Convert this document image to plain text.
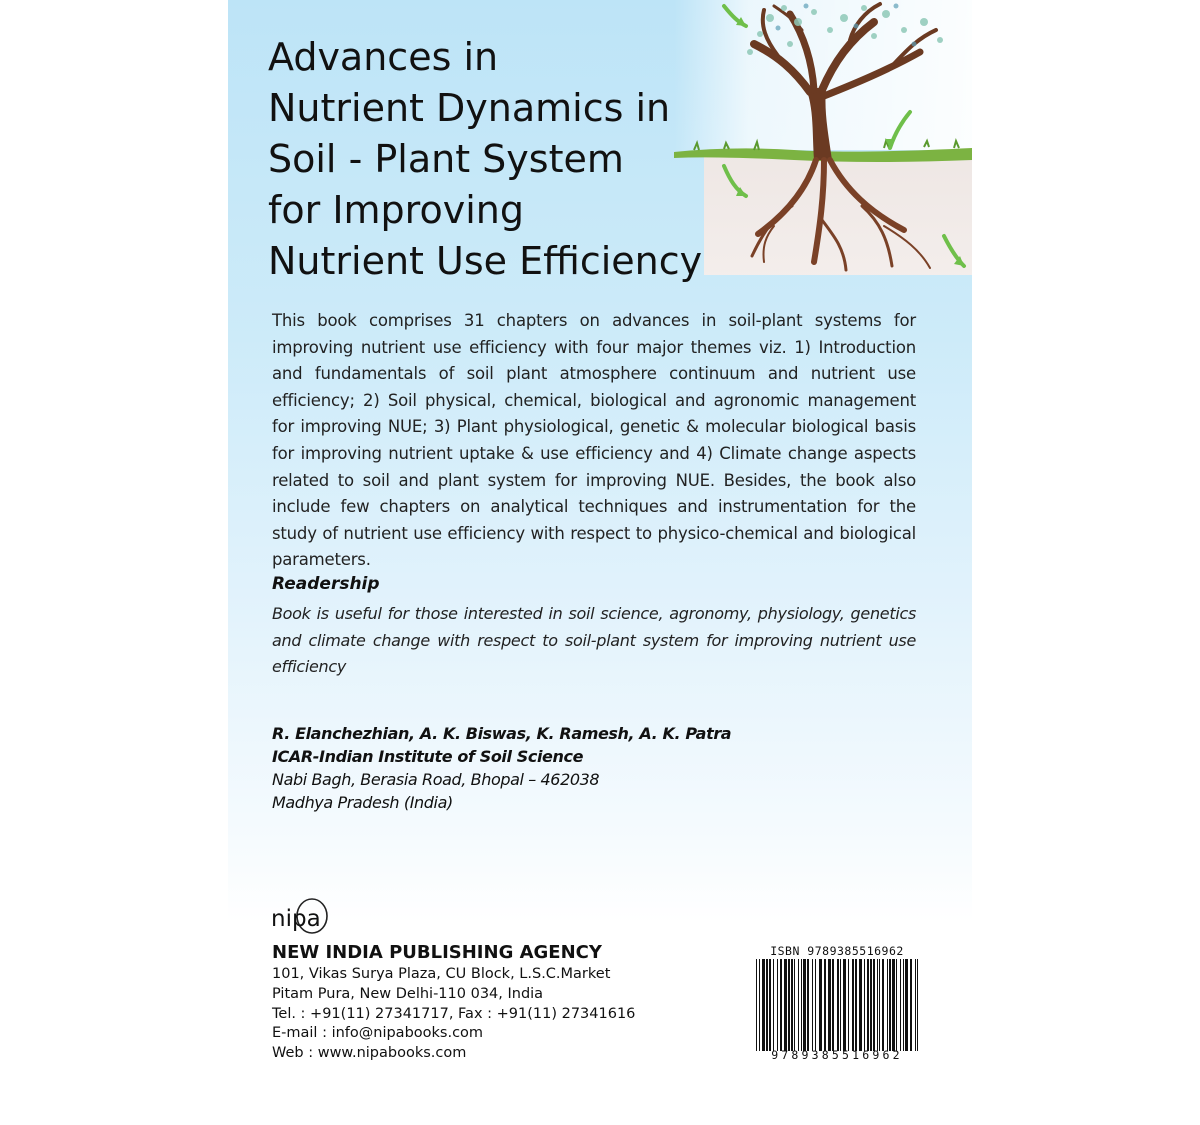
Advances in
Nutrient Dynamics in
Soil - Plant System
for Improving
Nutrient Use Efficiency

This book comprises 31 chapters on advances in soil-plant systems for improving nutrient use efficiency with four major themes viz. 1) Introduction and fundamentals of soil plant atmosphere continuum and nutrient use efficiency; 2) Soil physical, chemical, biological and agronomic management for improving NUE; 3) Plant physiological, genetic & molecular biological basis for improving nutrient uptake & use efficiency and 4) Climate change aspects related to soil and plant system for improving NUE. Besides, the book also include few chapters on analytical techniques and instrumentation for the study of nutrient use efficiency with respect to physico-chemical and biological parameters.

Readership

Book is useful for those interested in soil science, agronomy, physiology, genetics and climate change with respect to soil-plant system for improving nutrient use efficiency

R. Elanchezhian, A. K. Biswas, K. Ramesh, A. K. Patra
ICAR-Indian Institute of Soil Science
Nabi Bagh, Berasia Road, Bhopal – 462038
Madhya Pradesh (India)
nipa
NEW INDIA PUBLISHING AGENCY
101, Vikas Surya Plaza, CU Block, L.S.C.Market
Pitam Pura, New Delhi-110 034, India
Tel. : +91(11) 27341717, Fax : +91(11) 27341616
E-mail : info@nipabooks.com
Web : www.nipabooks.com
ISBN 9789385516962
9789385516962
